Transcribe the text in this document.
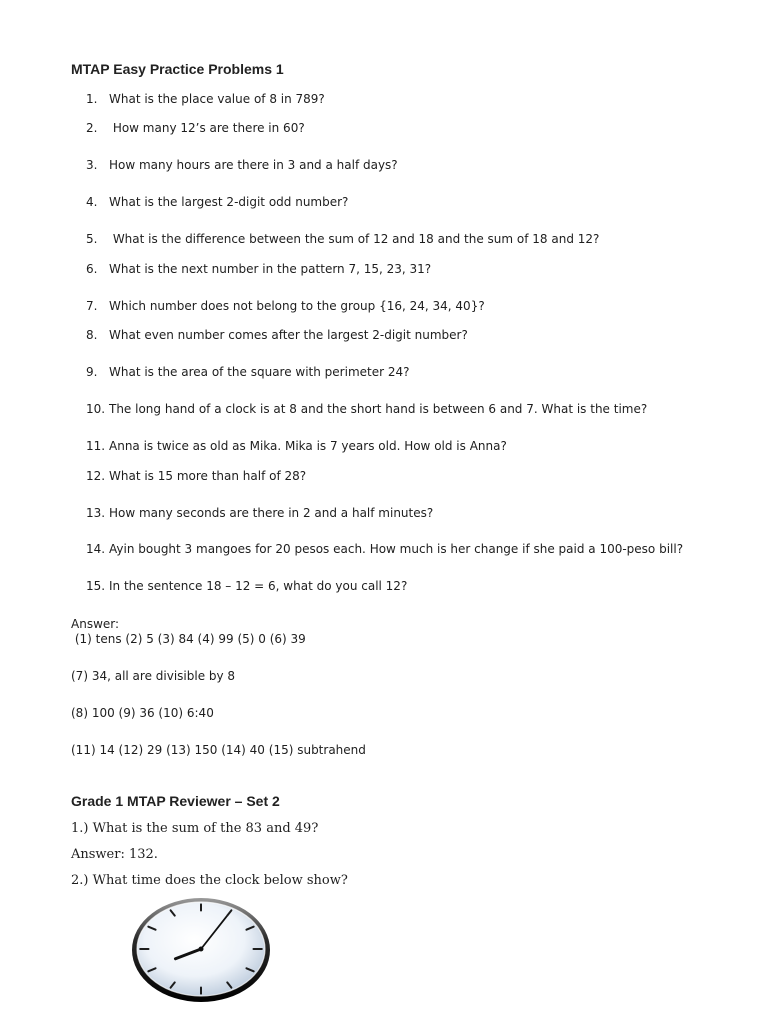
MTAP Easy Practice Problems 1
1. What is the place value of 8 in 789?
2. How many 12’s are there in 60?
3. How many hours are there in 3 and a half days?
4. What is the largest 2-digit odd number?
5. What is the difference between the sum of 12 and 18 and the sum of 18 and 12?
6. What is the next number in the pattern 7, 15, 23, 31?
7. Which number does not belong to the group {16, 24, 34, 40}?
8. What even number comes after the largest 2-digit number?
9. What is the area of the square with perimeter 24?
10. The long hand of a clock is at 8 and the short hand is between 6 and 7. What is the time?
11. Anna is twice as old as Mika. Mika is 7 years old. How old is Anna?
12. What is 15 more than half of 28?
13. How many seconds are there in 2 and a half minutes?
14. Ayin bought 3 mangoes for 20 pesos each. How much is her change if she paid a 100-peso bill?
15. In the sentence 18 – 12 = 6, what do you call 12?
Answer:
(1) tens (2) 5 (3) 84 (4) 99 (5) 0 (6) 39
(7) 34, all are divisible by 8
(8) 100 (9) 36 (10) 6:40
(11) 14 (12) 29 (13) 150 (14) 40 (15) subtrahend
Grade 1 MTAP Reviewer – Set 2
1.) What is the sum of the 83 and 49?
Answer: 132.
2.) What time does the clock below show?
